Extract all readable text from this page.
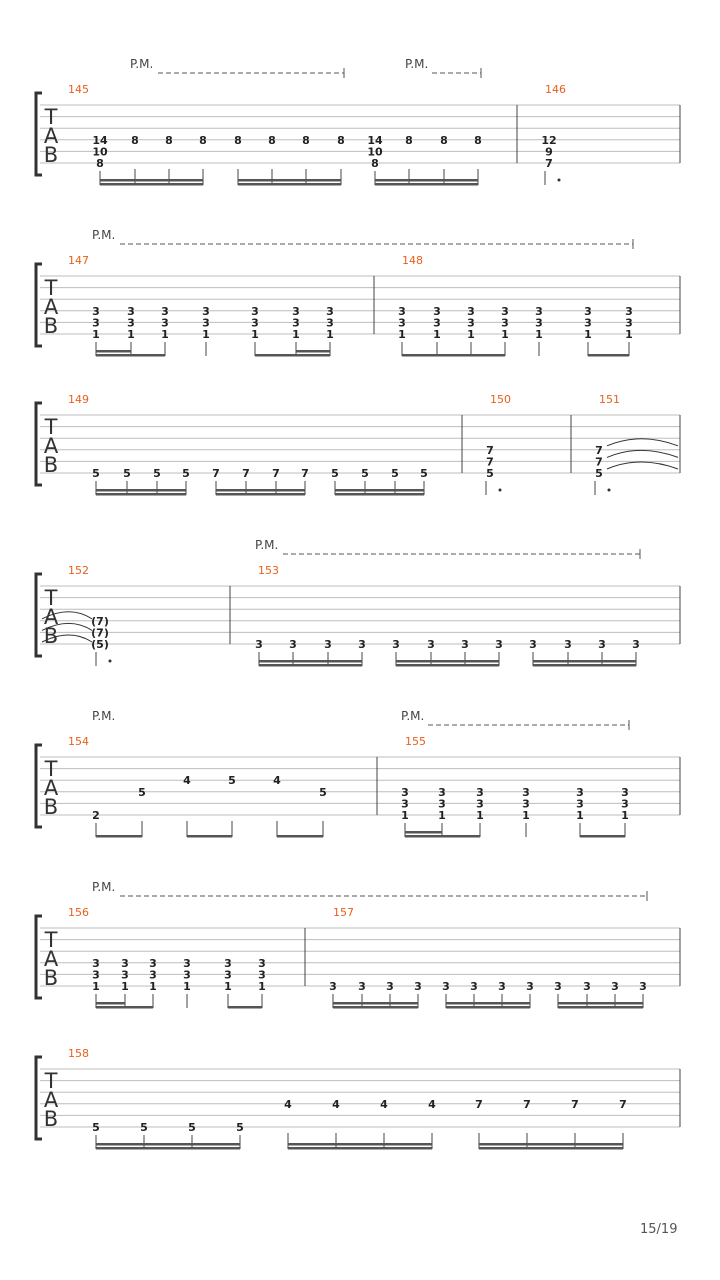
T
A
B
P.M.	P.M.
145
14
10
8
8 8 8 8 8 8 8 14
10
8
8 8 8
146
12
9
7
T
A
B
P.M.
147
3
3
1
3
3
1
3
3
1
3
3
1
3
3
1
3
3
1
3
3
1
148
3
3
1
3
3
1
3
3
1
3
3
1
3
3
1
3
3
1
3
3
1
T
A
B
149
5 5 5 5 7 7 7 7 5 5 5 5
150
7
7
5
151
7
7
5
T
A
B
P.M.
152
(7)
(7)
(5)
153
3 3 3 3 3 3 3 3 3 3 3 3
T
A
B
P.M.	P.M.
154
2
5
4	5	4
5
155
3
3
1
3
3
1
3
3
1
3
3
1
3
3
1
3
3
1
T
A
B
P.M.
156
3
3
1
3
3
1
3
3
1
3
3
1
3
3
1
3
3
1
157
3 3 3 3 3 3 3 3 3 3 3 3
T
A
B
158
5	5	5	5
4	4	4	4	7	7	7	7
15/19
